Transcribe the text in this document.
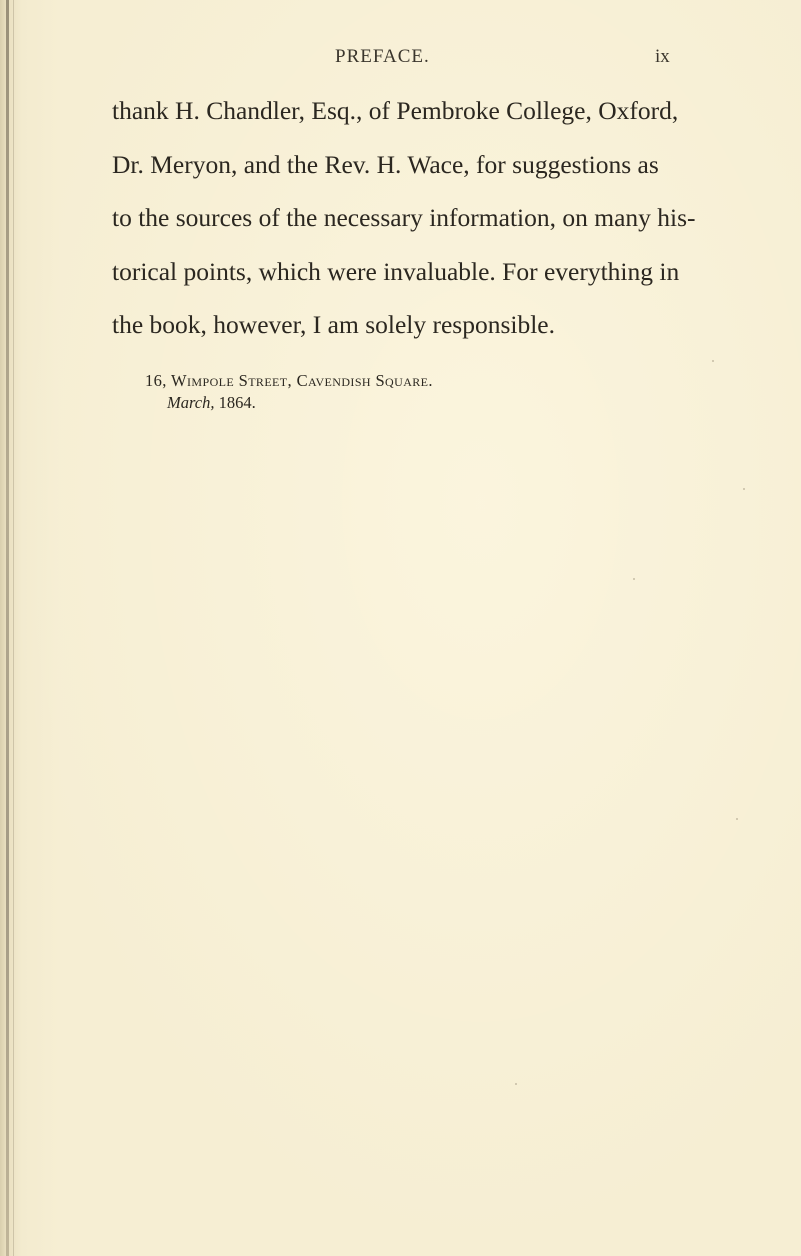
PREFACE.	ix
thank H. Chandler, Esq., of Pembroke College, Oxford,
Dr. Meryon, and the Rev. H. Wace, for suggestions as
to the sources of the necessary information, on many his-
torical points, which were invaluable. For everything in
the book, however, I am solely responsible.
16, Wimpole Street, Cavendish Square.
March, 1864.
